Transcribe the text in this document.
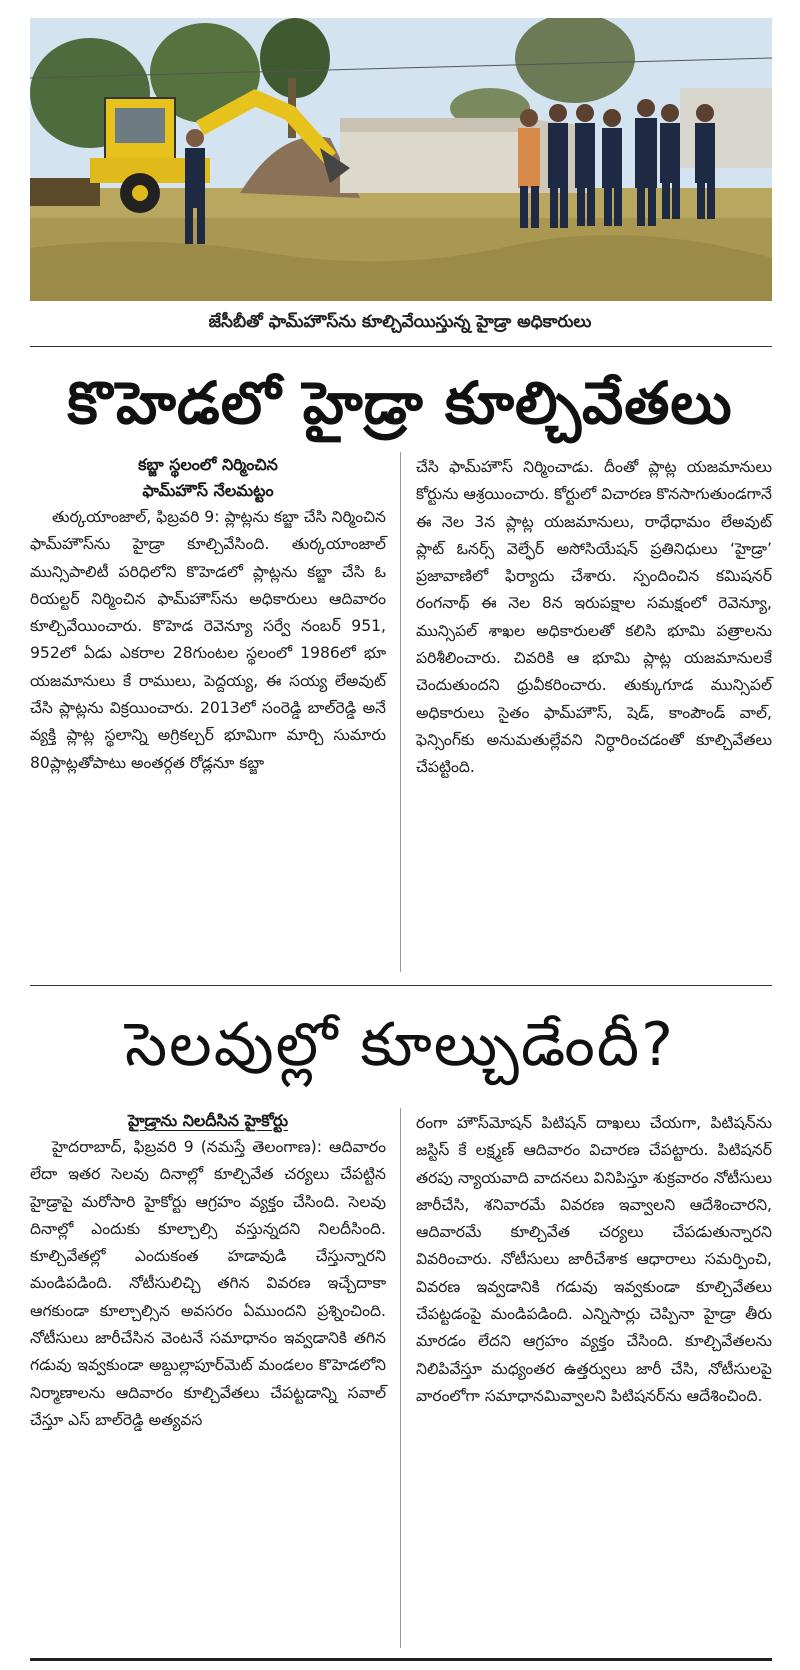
జేసీబీతో ఫామ్‌హౌస్‌ను కూల్చివేయిస్తున్న హైడ్రా అధికారులు
కొహెడలో హైడ్రా కూల్చివేతలు

కబ్జా స్థలంలో నిర్మించిన

ఫామ్‌హౌస్ నేలమట్టం

తుర్కయాంజాల్, ఫిబ్రవరి 9: ప్లాట్లను కబ్జా చేసి నిర్మించిన ఫామ్‌హౌస్‌ను హైడ్రా కూల్చివేసింది. తుర్కయాంజాల్ మున్సిపాలిటీ పరిధిలోని కొహెడలో ప్లాట్లను కబ్జా చేసి ఓ రియల్టర్ నిర్మించిన ఫామ్‌హౌస్‌ను అధికారులు ఆదివారం కూల్చివేయించారు. కొహెడ రెవెన్యూ సర్వే నంబర్ 951, 952లో ఏడు ఎకరాల 28గుంటల స్థలంలో 1986లో భూ యజమానులు కే రాములు, పెద్దయ్య, ఈ సయ్య లేఅవుట్ చేసి ప్లాట్లను విక్రయించారు. 2013లో సంరెడ్డి బాల్‌రెడ్డి అనే వ్యక్తి ప్లాట్ల స్థలాన్ని అగ్రికల్చర్ భూమిగా మార్చి సుమారు 80ప్లాట్లతోపాటు అంతర్గత రోడ్లనూ కబ్జా

చేసి ఫామ్‌హౌస్ నిర్మించాడు. దీంతో ప్లాట్ల యజమానులు కోర్టును ఆశ్రయించారు. కోర్టులో విచారణ కొనసాగుతుండగానే ఈ నెల 3న ప్లాట్ల యజమానులు, రాధేధామం లేఅవుట్ ప్లాట్ ఓనర్స్ వెల్ఫేర్ అసోసియేషన్ ప్రతినిధులు ‘హైడ్రా’ ప్రజావాణిలో ఫిర్యాదు చేశారు. స్పందించిన కమిషనర్ రంగనాథ్ ఈ నెల 8న ఇరుపక్షాల సమక్షంలో రెవెన్యూ, మున్సిపల్ శాఖల అధికారులతో కలిసి భూమి పత్రాలను పరిశీలించారు. చివరికి ఆ భూమి ప్లాట్ల యజమానులకే చెందుతుందని ధ్రువీకరించారు. తుక్కుగూడ మున్సిపల్ అధికారులు సైతం ఫామ్‌హౌస్, షెడ్, కాంపౌండ్ వాల్, ఫెన్సింగ్‌కు అనుమతుల్లేవని నిర్ధారించడంతో కూల్చివేతలు చేపట్టింది.

సెలవుల్లో కూల్చుడేందీ?

హైడ్రాను నిలదీసిన హైకోర్టు

హైదరాబాద్, ఫిబ్రవరి 9 (నమస్తే తెలంగాణ): ఆదివారం లేదా ఇతర సెలవు దినాల్లో కూల్చివేత చర్యలు చేపట్టిన హైడ్రాపై మరోసారి హైకోర్టు ఆగ్రహం వ్యక్తం చేసింది. సెలవు దినాల్లో ఎందుకు కూల్చాల్సి వస్తున్నదని నిలదీసింది. కూల్చివేతల్లో ఎందుకంత హడావుడి చేస్తున్నారని మండిపడింది. నోటీసులిచ్చి తగిన వివరణ ఇచ్చేదాకా ఆగకుండా కూల్చాల్సిన అవసరం ఏముందని ప్రశ్నించింది. నోటీసులు జారీచేసిన వెంటనే సమాధానం ఇవ్వడానికి తగిన గడువు ఇవ్వకుండా అబ్దుల్లాపూర్‌మెట్ మండలం కొహెడలోని నిర్మాణాలను ఆదివారం కూల్చివేతలు చేపట్టడాన్ని సవాల్ చేస్తూ ఎస్ బాల్‌రెడ్డి అత్యవస

రంగా హౌస్‌మోషన్ పిటిషన్ దాఖలు చేయగా, పిటిషన్‌ను జస్టిస్ కే లక్ష్మణ్ ఆదివారం విచారణ చేపట్టారు. పిటిషనర్ తరపు న్యాయవాది వాదనలు వినిపిస్తూ శుక్రవారం నోటీసులు జారీచేసి, శనివారమే వివరణ ఇవ్వాలని ఆదేశించారని, ఆదివారమే కూల్చివేత చర్యలు చేపడుతున్నారని వివరించారు. నోటీసులు జారీచేశాక ఆధారాలు సమర్పించి, వివరణ ఇవ్వడానికి గడువు ఇవ్వకుండా కూల్చివేతలు చేపట్టడంపై మండిపడింది. ఎన్నిసార్లు చెప్పినా హైడ్రా తీరు మారడం లేదని ఆగ్రహం వ్యక్తం చేసింది. కూల్చివేతలను నిలిపివేస్తూ మధ్యంతర ఉత్తర్వులు జారీ చేసి, నోటీసులపై వారంలోగా సమాధానమివ్వాలని పిటిషనర్‌ను ఆదేశించింది.
